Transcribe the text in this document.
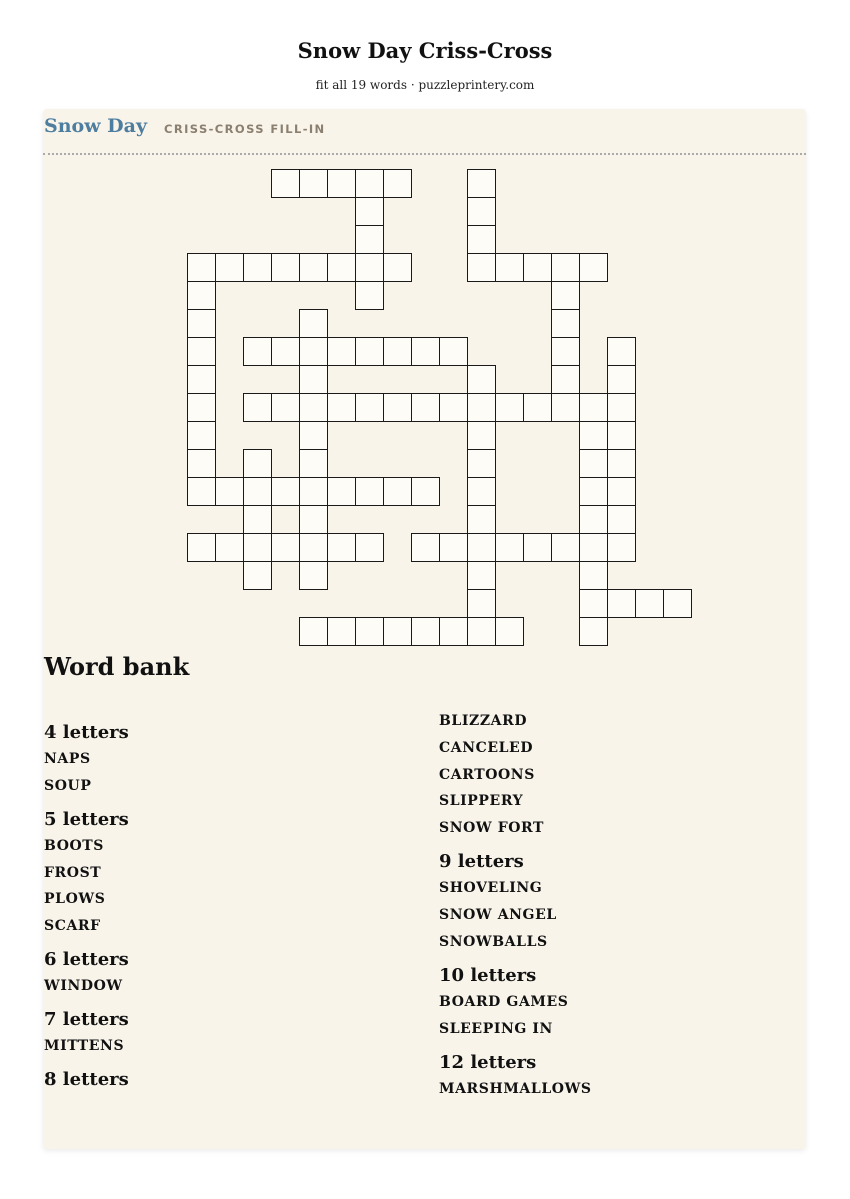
Snow Day Criss-Cross
fit all 19 words · puzzleprintery.com
Snow Day CRISS-CROSS FILL-IN
Word bank
4 letters
NAPS
SOUP
5 letters
BOOTS
FROST
PLOWS
SCARF
6 letters
WINDOW
7 letters
MITTENS
8 letters
BLIZZARD
CANCELED
CARTOONS
SLIPPERY
SNOW FORT
9 letters
SHOVELING
SNOW ANGEL
SNOWBALLS
10 letters
BOARD GAMES
SLEEPING IN
12 letters
MARSHMALLOWS
